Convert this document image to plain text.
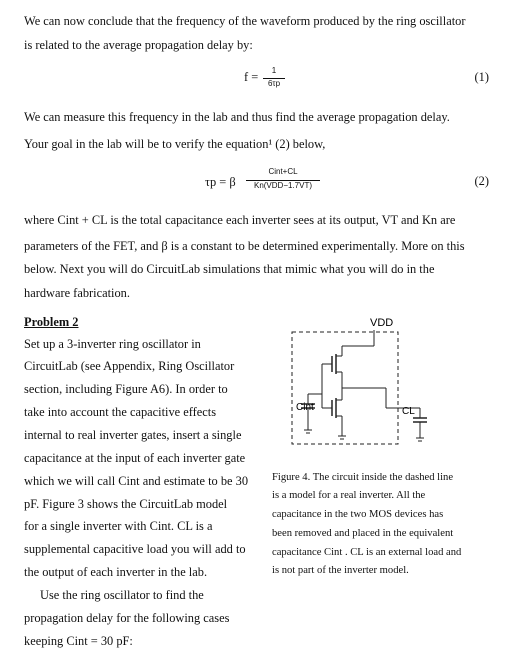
We can now conclude that the frequency of the waveform produced by the ring oscillator
is related to the average propagation delay by:
f =	1
6τp	(1)
We can measure this frequency in the lab and thus find the average propagation delay.
Your goal in the lab will be to verify the equation¹ (2) below,
τp = β
Cint+CL
Kn(VDD−1.7VT)	(2)
where Cint + CL is the total capacitance each inverter sees at its output, VT and Kn are
parameters of the FET, and β is a constant to be determined experimentally. More on this
below. Next you will do CircuitLab simulations that mimic what you will do in the
hardware fabrication.
Problem 2
Set up a 3-inverter ring oscillator in
CircuitLab (see Appendix, Ring Oscillator
section, including Figure A6). In order to
take into account the capacitive effects
internal to real inverter gates, insert a single
capacitance at the input of each inverter gate
which we will call Cint and estimate to be 30
pF. Figure 3 shows the CircuitLab model
for a single inverter with Cint. CL is a
supplemental capacitive load you will add to
the output of each inverter in the lab.
Use the ring oscillator to find the
propagation delay for the following cases
keeping Cint = 30 pF:
VDD
Cint	CL
Figure 4. The circuit inside the dashed line
is a model for a real inverter. All the
capacitance in the two MOS devices has
been removed and placed in the equivalent
capacitance Cint . CL is an external load and
is not part of the inverter model.
